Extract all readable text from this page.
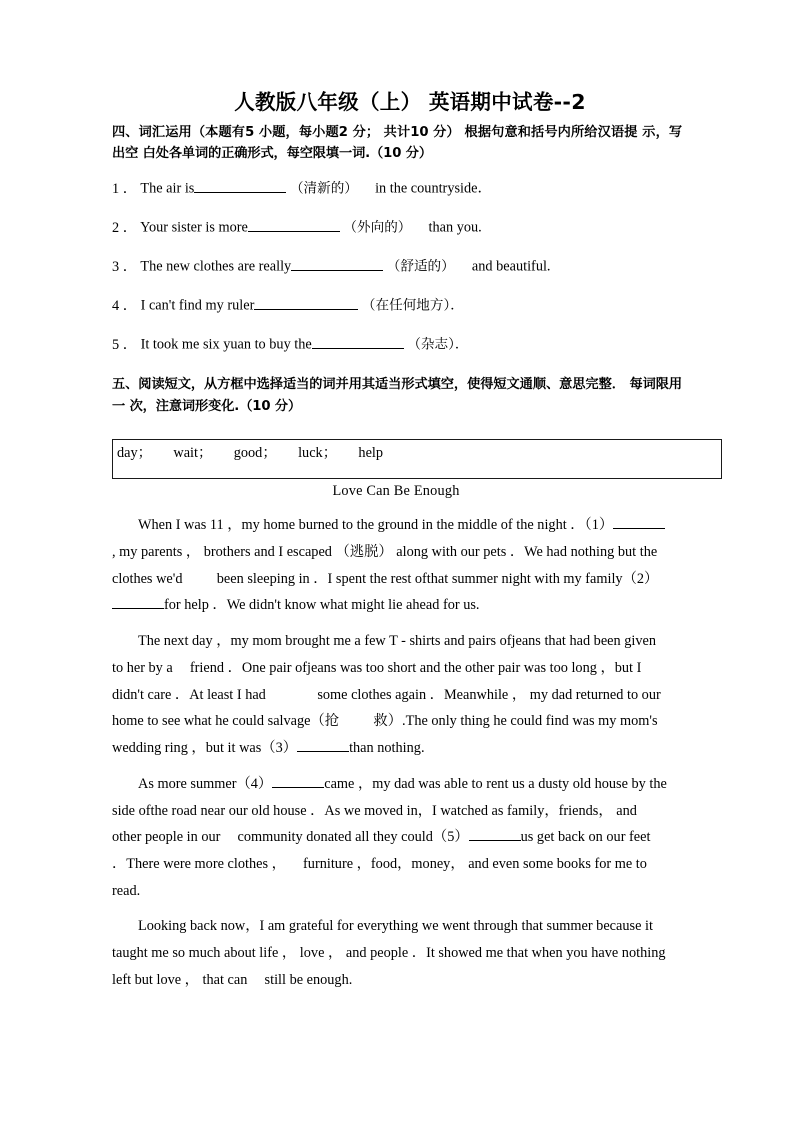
人教版八年级（上） 英语期中试卷--2
四、词汇运用（本题有5 小题，每小题2 分； 共计10 分） 根据句意和括号内所给汉语提 示，写出空 白处各单词的正确形式，每空限填一词.（10 分）
1 ． The air is	（清新的） in the countryside．
2 ． Your sister is more	（外向的） than you.
3 ． The new clothes are really	（舒适的） and beautiful.
4 ． I can't find my ruler	（在任何地方）．
5 ． It took me six yuan to buy the	（杂志）．
五、阅读短文，从方框中选择适当的词并用其适当形式填空，使得短文通顺、意思完整． 每词限用一 次，注意词形变化.（10 分）
day；      wait；      good；      luck；      help
Love Can Be Enough

When I was 11 ，my home burned to the ground in the middle of the night ．（1）, my parents ， brothers and I escaped （逃脱） along with our pets ．We had nothing but the clothes we'd been sleeping in ．I spent the rest ofthat summer night with my family（2）for help ．We didn't know what might lie ahead for us.

The next day ，my mom brought me a few T - shirts and pairs ofjeans that had been given to her by a friend ．One pair ofjeans was too short and the other pair was too long ，but I didn't care ．At least I had	some clothes again ．Meanwhile ， my dad returned to our home to see what he could salvage（抢 救）.The only thing he could find was my mom's wedding ring ，but it was（3）	than nothing.

As more summer（4）	came ，my dad was able to rent us a dusty old house by the side ofthe road near our old house ．As we moved in，I watched as family，friends， and other people in our community donated all they could（5）	us get back on our feet ．There were more clothes ， furniture ，food，money， and even some books for me to read.

Looking back now，I am grateful for everything we went through that summer because it taught me so much about life ， love ， and people ．It showed me that when you have nothing left but love ， that can still be enough.
